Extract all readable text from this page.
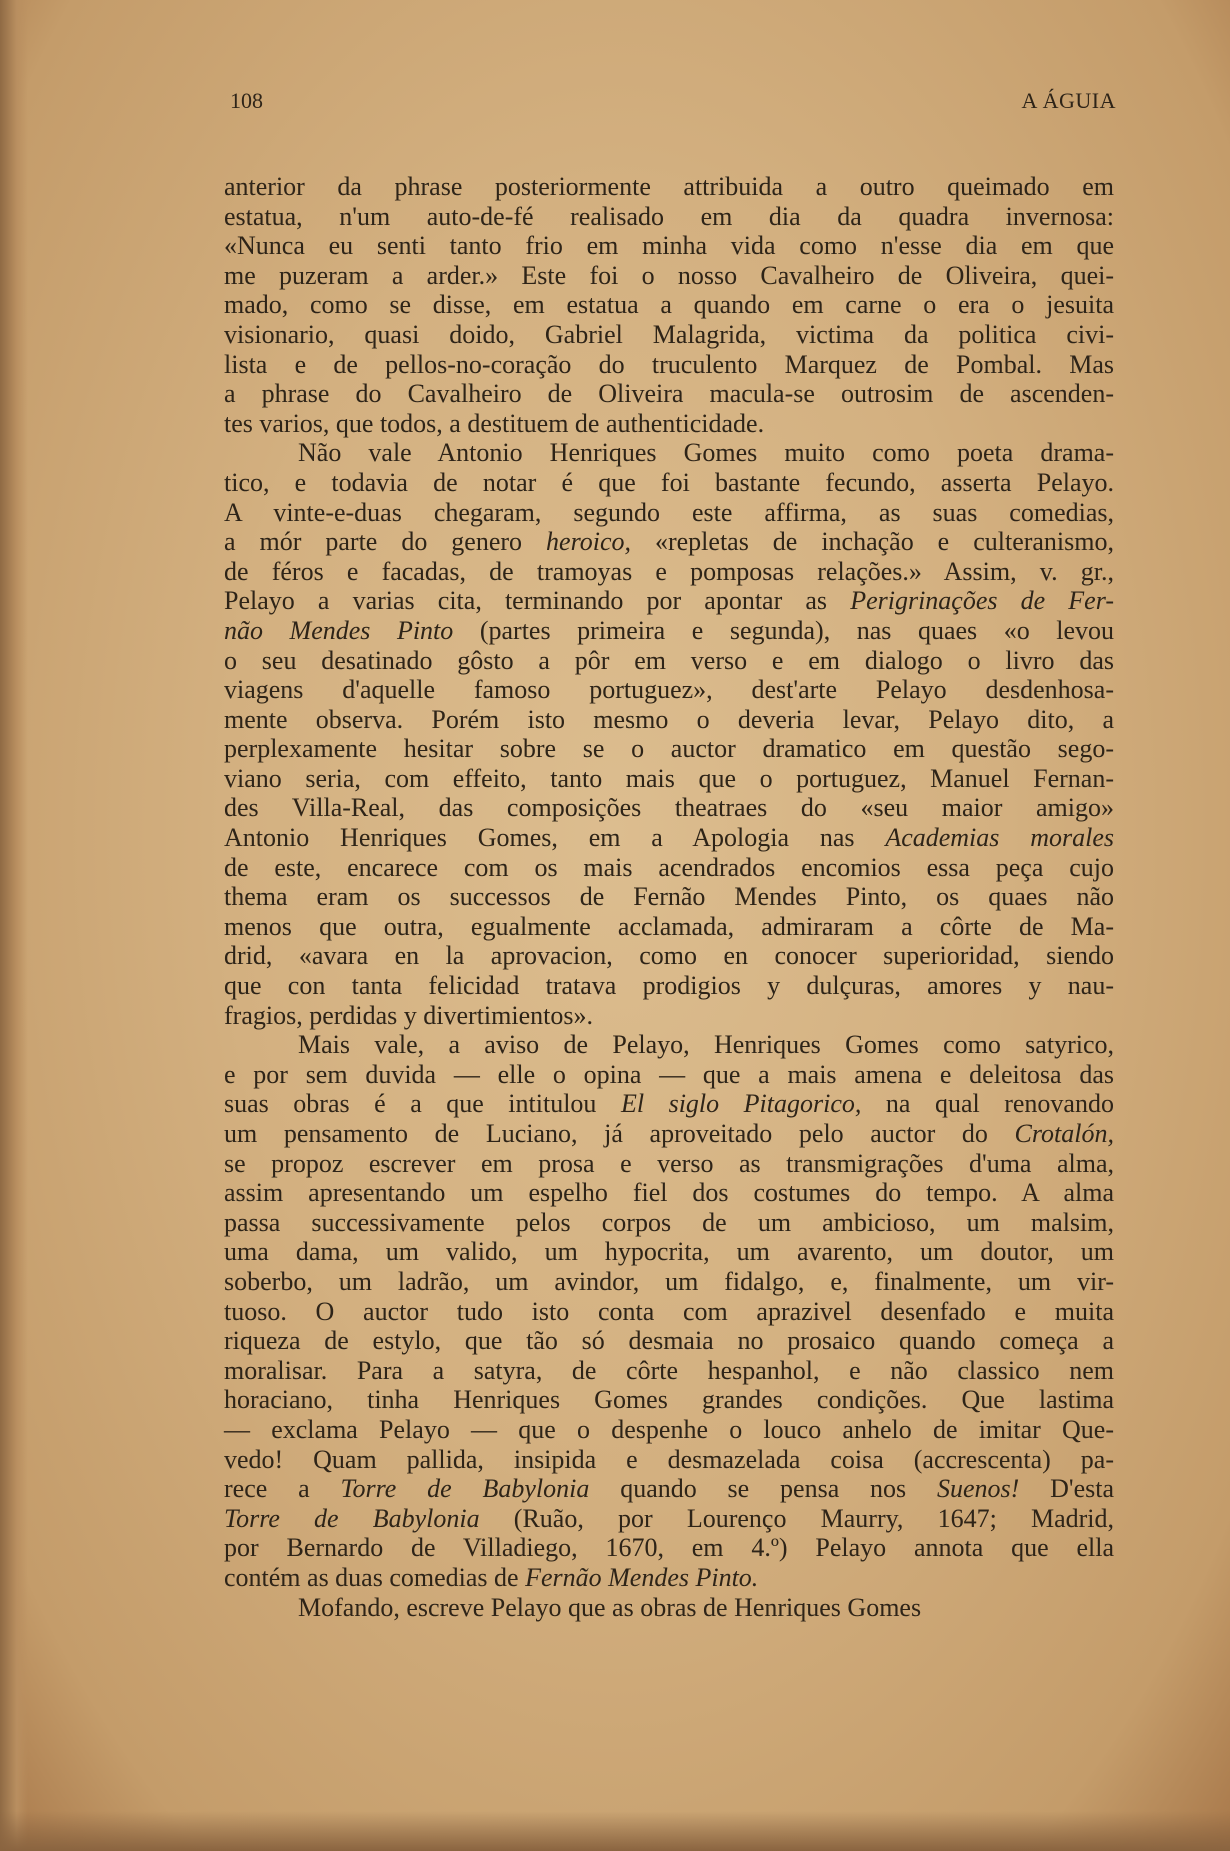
108	A ÁGUIA
anterior da phrase posteriormente attribuida a outro queimado em
estatua, n'um auto-de-fé realisado em dia da quadra invernosa:
«Nunca eu senti tanto frio em minha vida como n'esse dia em que
me puzeram a arder.» Este foi o nosso Cavalheiro de Oliveira, quei-
mado, como se disse, em estatua a quando em carne o era o jesuita
visionario, quasi doido, Gabriel Malagrida, victima da politica civi-
lista e de pellos-no-coração do truculento Marquez de Pombal. Mas
a phrase do Cavalheiro de Oliveira macula-se outrosim de ascenden-
tes varios, que todos, a destituem de authenticidade.
Não vale Antonio Henriques Gomes muito como poeta drama-
tico, e todavia de notar é que foi bastante fecundo, asserta Pelayo.
A vinte-e-duas chegaram, segundo este affirma, as suas comedias,
a mór parte do genero heroico, «repletas de inchação e culteranismo,
de féros e facadas, de tramoyas e pomposas relações.» Assim, v. gr.,
Pelayo a varias cita, terminando por apontar as Perigrinações de Fer-
não Mendes Pinto (partes primeira e segunda), nas quaes «o levou
o seu desatinado gôsto a pôr em verso e em dialogo o livro das
viagens d'aquelle famoso portuguez», dest'arte Pelayo desdenhosa-
mente observa. Porém isto mesmo o deveria levar, Pelayo dito, a
perplexamente hesitar sobre se o auctor dramatico em questão sego-
viano seria, com effeito, tanto mais que o portuguez, Manuel Fernan-
des Villa-Real, das composições theatraes do «seu maior amigo»
Antonio Henriques Gomes, em a Apologia nas Academias morales
de este, encarece com os mais acendrados encomios essa peça cujo
thema eram os successos de Fernão Mendes Pinto, os quaes não
menos que outra, egualmente acclamada, admiraram a côrte de Ma-
drid, «avara en la aprovacion, como en conocer superioridad, siendo
que con tanta felicidad tratava prodigios y dulçuras, amores y nau-
fragios, perdidas y divertimientos».
Mais vale, a aviso de Pelayo, Henriques Gomes como satyrico,
e por sem duvida — elle o opina — que a mais amena e deleitosa das
suas obras é a que intitulou El siglo Pitagorico, na qual renovando
um pensamento de Luciano, já aproveitado pelo auctor do Crotalón,
se propoz escrever em prosa e verso as transmigrações d'uma alma,
assim apresentando um espelho fiel dos costumes do tempo. A alma
passa successivamente pelos corpos de um ambicioso, um malsim,
uma dama, um valido, um hypocrita, um avarento, um doutor, um
soberbo, um ladrão, um avindor, um fidalgo, e, finalmente, um vir-
tuoso. O auctor tudo isto conta com aprazivel desenfado e muita
riqueza de estylo, que tão só desmaia no prosaico quando começa a
moralisar. Para a satyra, de côrte hespanhol, e não classico nem
horaciano, tinha Henriques Gomes grandes condições. Que lastima
— exclama Pelayo — que o despenhe o louco anhelo de imitar Que-
vedo! Quam pallida, insipida e desmazelada coisa (accrescenta) pa-
rece a Torre de Babylonia quando se pensa nos Suenos! D'esta
Torre de Babylonia (Ruão, por Lourenço Maurry, 1647; Madrid,
por Bernardo de Villadiego, 1670, em 4.º) Pelayo annota que ella
contém as duas comedias de Fernão Mendes Pinto.
Mofando, escreve Pelayo que as obras de Henriques Gomes
